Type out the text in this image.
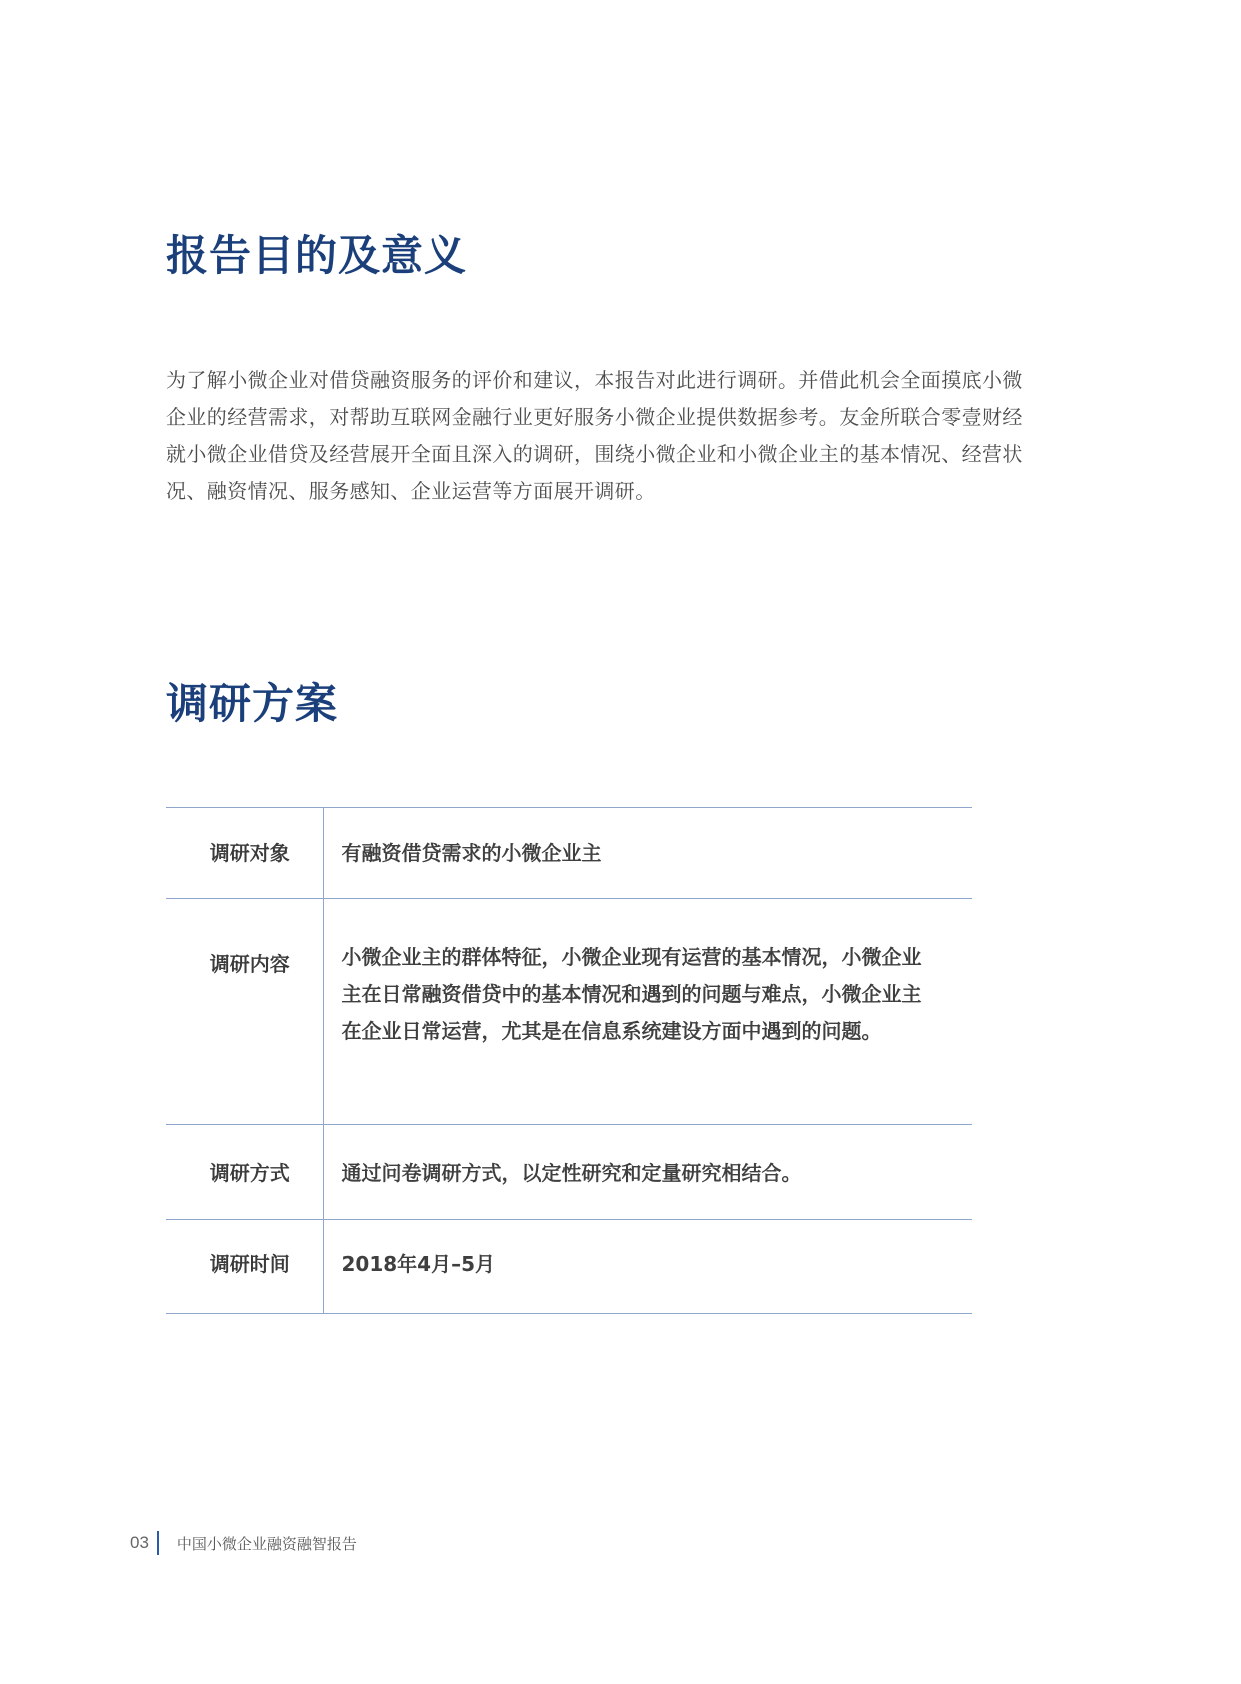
报告目的及意义

为了解小微企业对借贷融资服务的评价和建议，本报告对此进行调研。并借此机会全面摸底小微企业的经营需求，对帮助互联网金融行业更好服务小微企业提供数据参考。友金所联合零壹财经就小微企业借贷及经营展开全面且深入的调研，围绕小微企业和小微企业主的基本情况、经营状况、融资情况、服务感知、企业运营等方面展开调研。

调研方案
调研对象	有融资借贷需求的小微企业主
调研内容	小微企业主的群体特征，小微企业现有运营的基本情况，小微企业主在日常融资借贷中的基本情况和遇到的问题与难点，小微企业主在企业日常运营，尤其是在信息系统建设方面中遇到的问题。
调研方式	通过问卷调研方式，以定性研究和定量研究相结合。
调研时间	2018年4月–5月
03 中国小微企业融资融智报告
